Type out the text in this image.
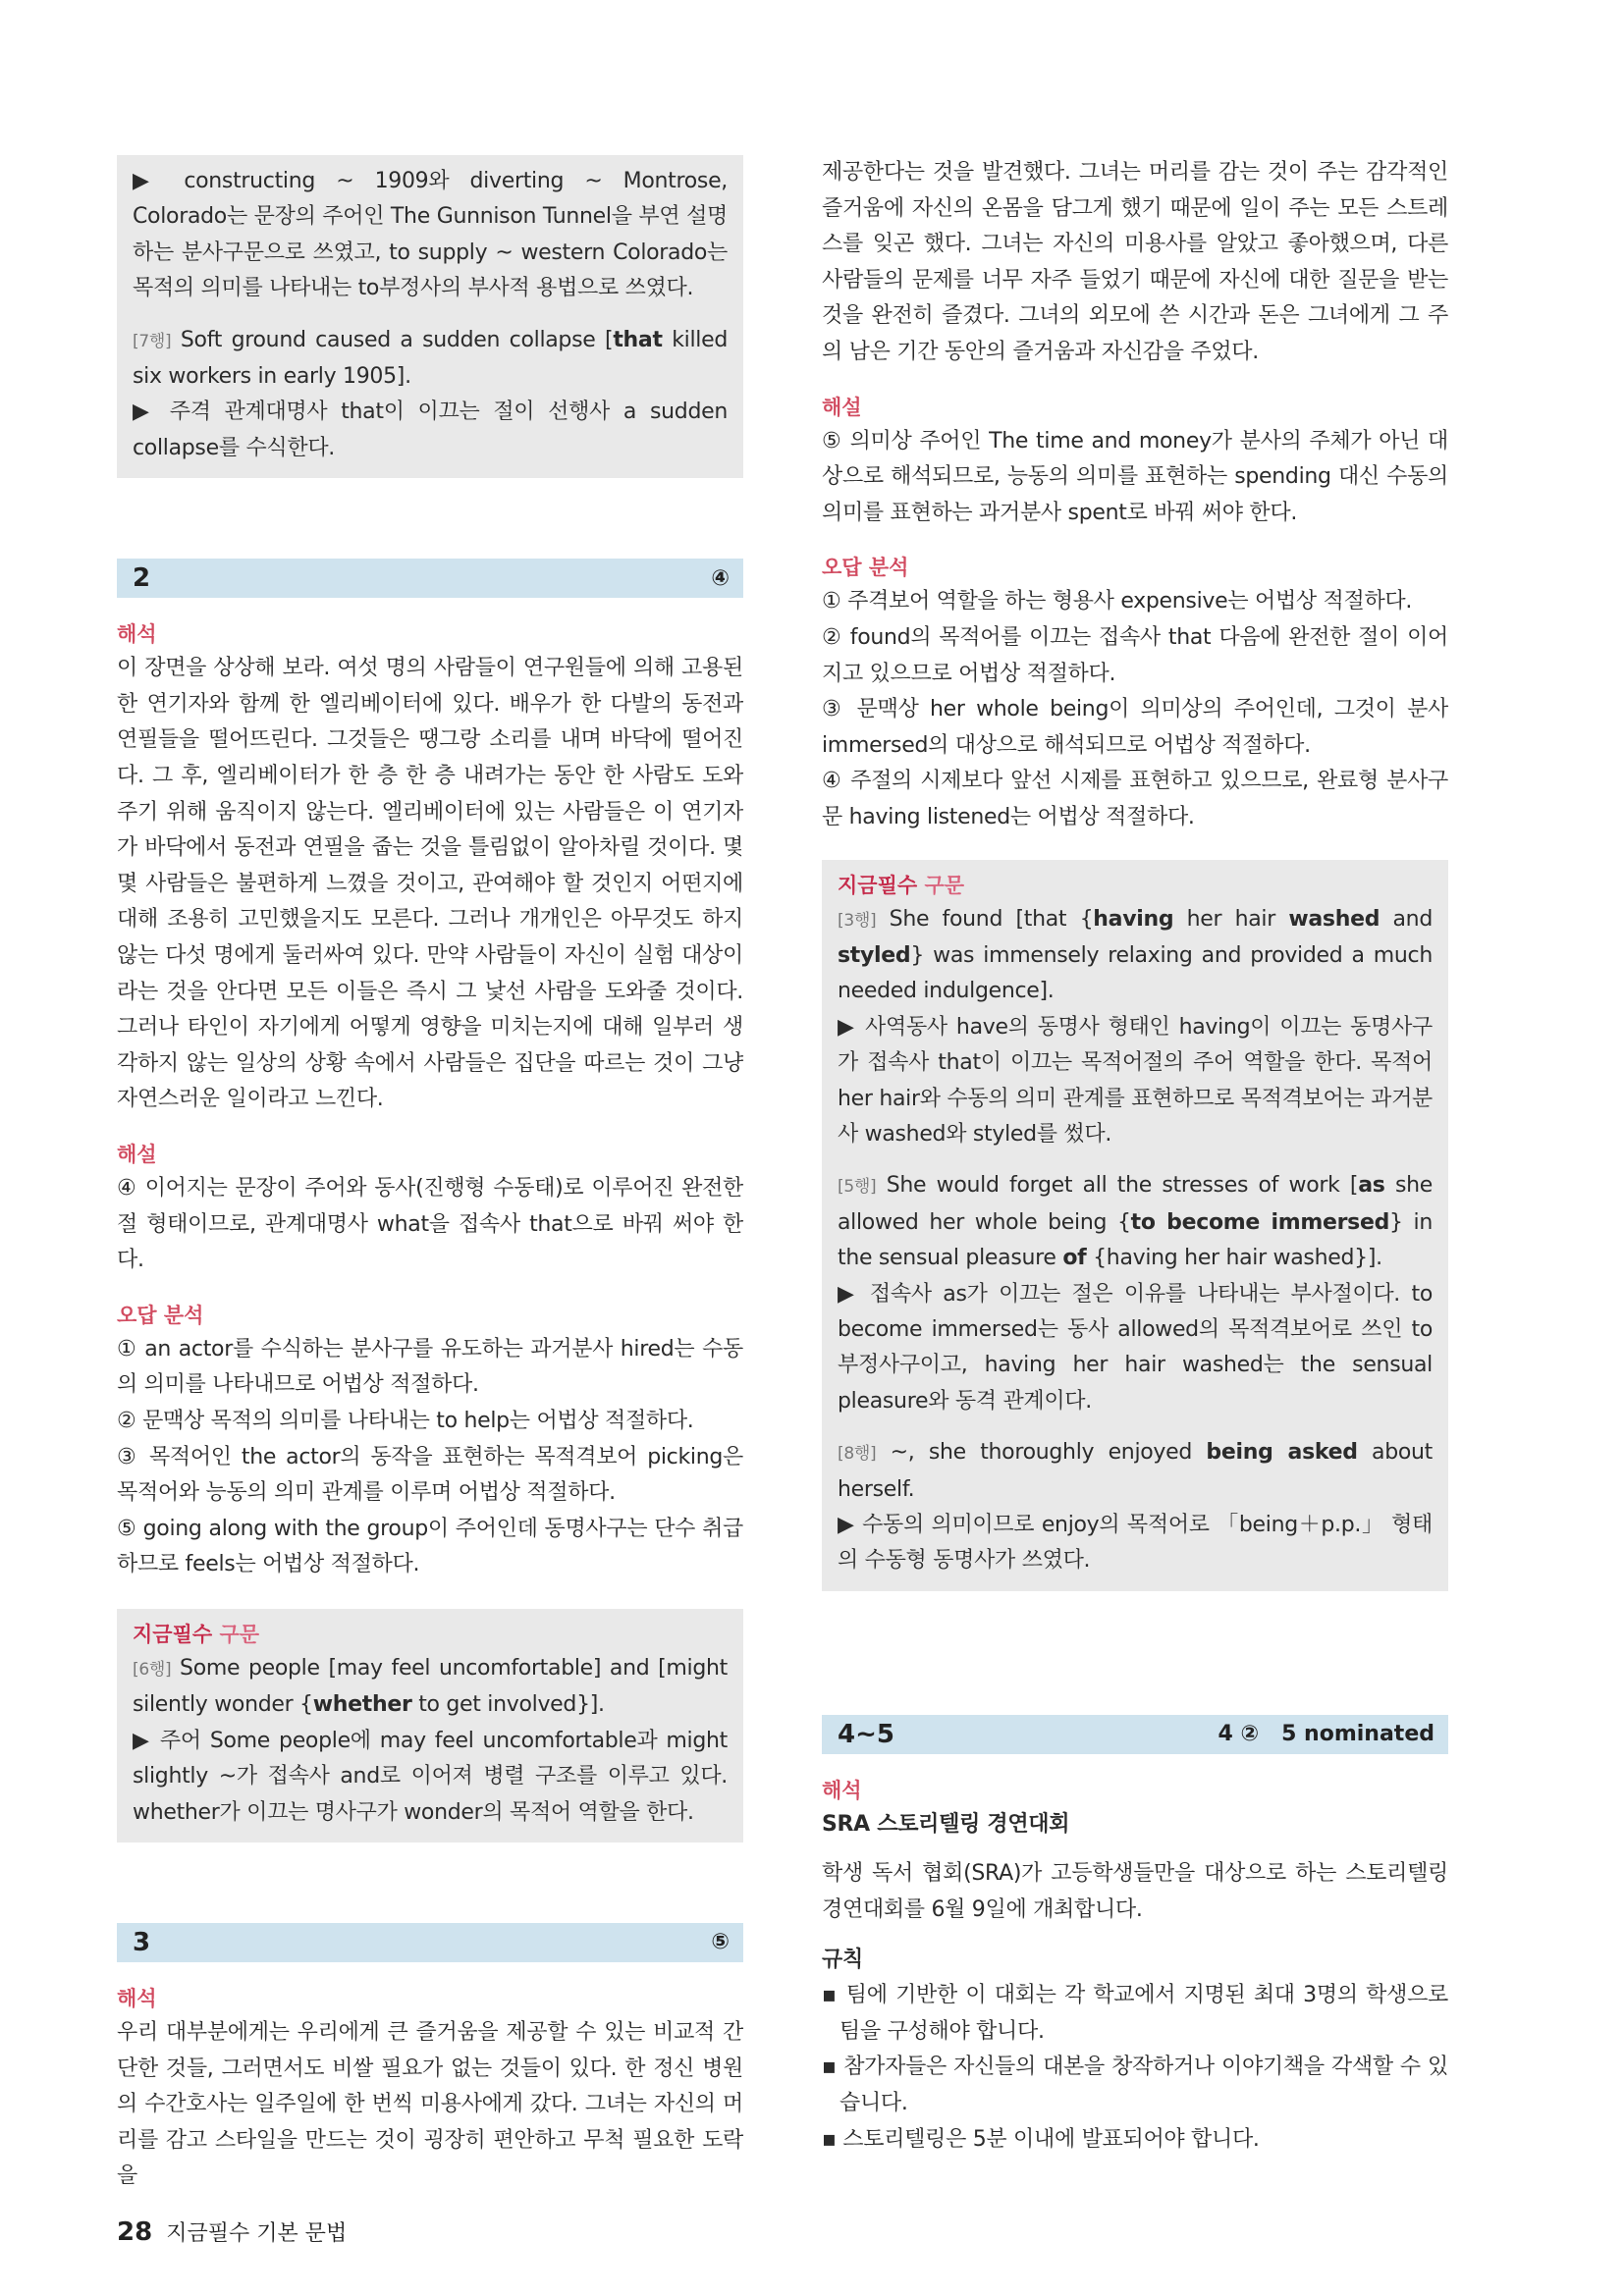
▶ constructing ~ 1909와 diverting ~ Montrose, Colorado는 문장의 주어인 The Gunnison Tunnel을 부연 설명하는 분사구문으로 쓰였고, to supply ~ western Colorado는 목적의 의미를 나타내는 to부정사의 부사적 용법으로 쓰였다.

[7행] Soft ground caused a sudden collapse [that killed six workers in early 1905].

▶ 주격 관계대명사 that이 이끄는 절이 선행사 a sudden collapse를 수식한다.

2	④
해석

이 장면을 상상해 보라. 여섯 명의 사람들이 연구원들에 의해 고용된 한 연기자와 함께 한 엘리베이터에 있다. 배우가 한 다발의 동전과 연필들을 떨어뜨린다. 그것들은 땡그랑 소리를 내며 바닥에 떨어진다. 그 후, 엘리베이터가 한 층 한 층 내려가는 동안 한 사람도 도와주기 위해 움직이지 않는다. 엘리베이터에 있는 사람들은 이 연기자가 바닥에서 동전과 연필을 줍는 것을 틀림없이 알아차릴 것이다. 몇몇 사람들은 불편하게 느꼈을 것이고, 관여해야 할 것인지 어떤지에 대해 조용히 고민했을지도 모른다. 그러나 개개인은 아무것도 하지 않는 다섯 명에게 둘러싸여 있다. 만약 사람들이 자신이 실험 대상이라는 것을 안다면 모든 이들은 즉시 그 낯선 사람을 도와줄 것이다. 그러나 타인이 자기에게 어떻게 영향을 미치는지에 대해 일부러 생각하지 않는 일상의 상황 속에서 사람들은 집단을 따르는 것이 그냥 자연스러운 일이라고 느낀다.

해설

④ 이어지는 문장이 주어와 동사(진행형 수동태)로 이루어진 완전한 절 형태이므로, 관계대명사 what을 접속사 that으로 바꿔 써야 한다.

오답 분석

① an actor를 수식하는 분사구를 유도하는 과거분사 hired는 수동의 의미를 나타내므로 어법상 적절하다.

② 문맥상 목적의 의미를 나타내는 to help는 어법상 적절하다.

③ 목적어인 the actor의 동작을 표현하는 목적격보어 picking은 목적어와 능동의 의미 관계를 이루며 어법상 적절하다.

⑤ going along with the group이 주어인데 동명사구는 단수 취급하므로 feels는 어법상 적절하다.

지금필수 구문

[6행] Some people [may feel uncomfortable] and [might silently wonder {whether to get involved}].

▶ 주어 Some people에 may feel uncomfortable과 might slightly ~가 접속사 and로 이어져 병렬 구조를 이루고 있다. whether가 이끄는 명사구가 wonder의 목적어 역할을 한다.

3	⑤
해석

우리 대부분에게는 우리에게 큰 즐거움을 제공할 수 있는 비교적 간단한 것들, 그러면서도 비쌀 필요가 없는 것들이 있다. 한 정신 병원의 수간호사는 일주일에 한 번씩 미용사에게 갔다. 그녀는 자신의 머리를 감고 스타일을 만드는 것이 굉장히 편안하고 무척 필요한 도락을

제공한다는 것을 발견했다. 그녀는 머리를 감는 것이 주는 감각적인 즐거움에 자신의 온몸을 담그게 했기 때문에 일이 주는 모든 스트레스를 잊곤 했다. 그녀는 자신의 미용사를 알았고 좋아했으며, 다른 사람들의 문제를 너무 자주 들었기 때문에 자신에 대한 질문을 받는 것을 완전히 즐겼다. 그녀의 외모에 쓴 시간과 돈은 그녀에게 그 주의 남은 기간 동안의 즐거움과 자신감을 주었다.

해설

⑤ 의미상 주어인 The time and money가 분사의 주체가 아닌 대상으로 해석되므로, 능동의 의미를 표현하는 spending 대신 수동의 의미를 표현하는 과거분사 spent로 바꿔 써야 한다.

오답 분석

① 주격보어 역할을 하는 형용사 expensive는 어법상 적절하다.

② found의 목적어를 이끄는 접속사 that 다음에 완전한 절이 이어지고 있으므로 어법상 적절하다.

③ 문맥상 her whole being이 의미상의 주어인데, 그것이 분사 immersed의 대상으로 해석되므로 어법상 적절하다.

④ 주절의 시제보다 앞선 시제를 표현하고 있으므로, 완료형 분사구문 having listened는 어법상 적절하다.

지금필수 구문

[3행] She found [that {having her hair washed and styled} was immensely relaxing and provided a much needed indulgence].

▶ 사역동사 have의 동명사 형태인 having이 이끄는 동명사구가 접속사 that이 이끄는 목적어절의 주어 역할을 한다. 목적어 her hair와 수동의 의미 관계를 표현하므로 목적격보어는 과거분사 washed와 styled를 썼다.

[5행] She would forget all the stresses of work [as she allowed her whole being {to become immersed} in the sensual pleasure of {having her hair washed}].

▶ 접속사 as가 이끄는 절은 이유를 나타내는 부사절이다. to become immersed는 동사 allowed의 목적격보어로 쓰인 to부정사구이고, having her hair washed는 the sensual pleasure와 동격 관계이다.

[8행] ~, she thoroughly enjoyed being asked about herself.

▶ 수동의 의미이므로 enjoy의 목적어로 「being＋p.p.」 형태의 수동형 동명사가 쓰였다.

4~5	4 ② 5 nominated
해석

SRA 스토리텔링 경연대회

학생 독서 협회(SRA)가 고등학생들만을 대상으로 하는 스토리텔링 경연대회를 6월 9일에 개최합니다.

규칙

▪ 팀에 기반한 이 대회는 각 학교에서 지명된 최대 3명의 학생으로 팀을 구성해야 합니다.

▪ 참가자들은 자신들의 대본을 창작하거나 이야기책을 각색할 수 있습니다.

▪ 스토리텔링은 5분 이내에 발표되어야 합니다.

28 지금필수 기본 문법
